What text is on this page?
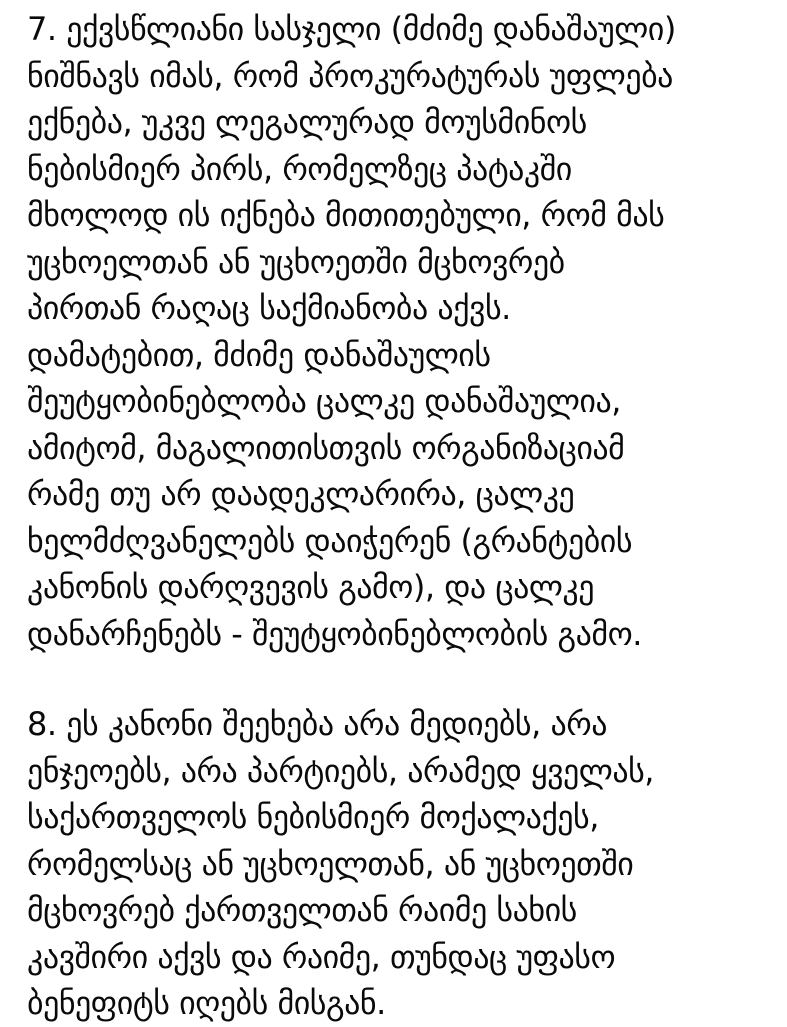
7. ექვსწლიანი სასჯელი (მძიმე დანაშაული)
ნიშნავს იმას, რომ პროკურატურას უფლება
ექნება, უკვე ლეგალურად მოუსმინოს
ნებისმიერ პირს, რომელზეც პატაკში
მხოლოდ ის იქნება მითითებული, რომ მას
უცხოელთან ან უცხოეთში მცხოვრებ
პირთან რაღაც საქმიანობა აქვს.
დამატებით, მძიმე დანაშაულის
შეუტყობინებლობა ცალკე დანაშაულია,
ამიტომ, მაგალითისთვის ორგანიზაციამ
რამე თუ არ დაადეკლარირა, ცალკე
ხელმძღვანელებს დაიჭერენ (გრანტების
კანონის დარღვევის გამო), და ცალკე
დანარჩენებს - შეუტყობინებლობის გამო.
8. ეს კანონი შეეხება არა მედიებს, არა
ენჯეოებს, არა პარტიებს, არამედ ყველას,
საქართველოს ნებისმიერ მოქალაქეს,
რომელსაც ან უცხოელთან, ან უცხოეთში
მცხოვრებ ქართველთან რაიმე სახის
კავშირი აქვს და რაიმე, თუნდაც უფასო
ბენეფიტს იღებს მისგან.
